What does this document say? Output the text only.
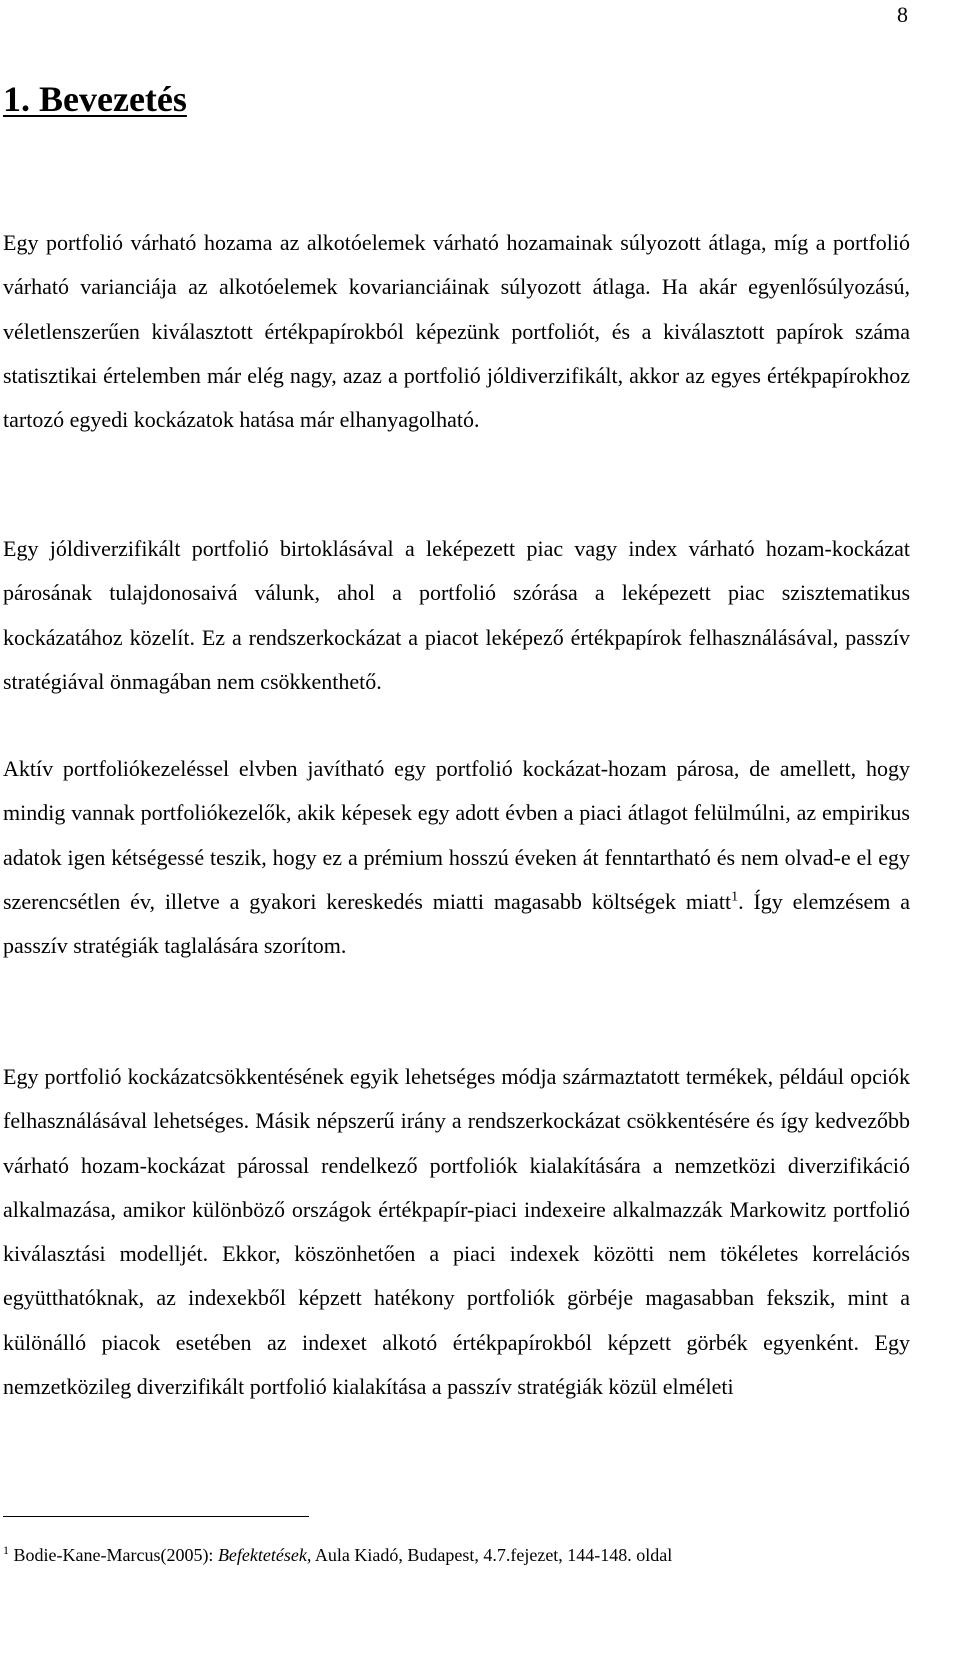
8
1. Bevezetés

Egy portfolió várható hozama az alkotóelemek várható hozamainak súlyozott átlaga, míg a portfolió várható varianciája az alkotóelemek kovarianciáinak súlyozott átlaga. Ha akár egyenlősúlyozású, véletlenszerűen kiválasztott értékpapírokból képezünk portfoliót, és a kiválasztott papírok száma statisztikai értelemben már elég nagy, azaz a portfolió jóldiverzifikált, akkor az egyes értékpapírokhoz tartozó egyedi kockázatok hatása már elhanyagolható.

Egy jóldiverzifikált portfolió birtoklásával a leképezett piac vagy index várható hozam-kockázat párosának tulajdonosaivá válunk, ahol a portfolió szórása a leképezett piac szisztematikus kockázatához közelít. Ez a rendszerkockázat a piacot leképező értékpapírok felhasználásával, passzív stratégiával önmagában nem csökkenthető.

Aktív portfoliókezeléssel elvben javítható egy portfolió kockázat-hozam párosa, de amellett, hogy mindig vannak portfoliókezelők, akik képesek egy adott évben a piaci átlagot felülmúlni, az empirikus adatok igen kétségessé teszik, hogy ez a prémium hosszú éveken át fenntartható és nem olvad-e el egy szerencsétlen év, illetve a gyakori kereskedés miatti magasabb költségek miatt$^1$. Így elemzésem a passzív stratégiák taglalására szorítom.

Egy portfolió kockázatcsökkentésének egyik lehetséges módja származtatott termékek, például opciók felhasználásával lehetséges. Másik népszerű irány a rendszerkockázat csökkentésére és így kedvezőbb várható hozam-kockázat párossal rendelkező portfoliók kialakítására a nemzetközi diverzifikáció alkalmazása, amikor különböző országok értékpapír-piaci indexeire alkalmazzák Markowitz portfolió kiválasztási modelljét. Ekkor, köszönhetően a piaci indexek közötti nem tökéletes korrelációs együtthatóknak, az indexekből képzett hatékony portfoliók görbéje magasabban fekszik, mint a különálló piacok esetében az indexet alkotó értékpapírokból képzett görbék egyenként. Egy nemzetközileg diverzifikált portfolió kialakítása a passzív stratégiák közül elméleti

$^1$ Bodie-Kane-Marcus(2005): Befektetések, Aula Kiadó, Budapest, 4.7.fejezet, 144-148. oldal
